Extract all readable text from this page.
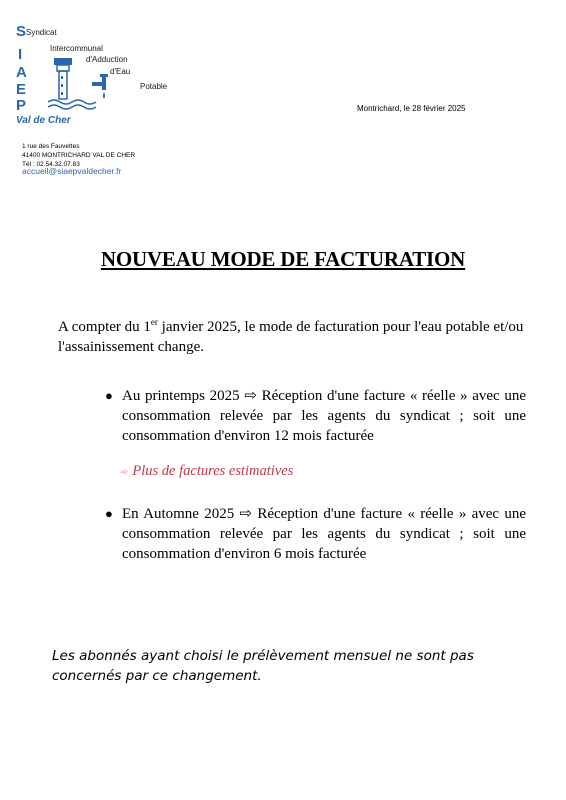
S
I
A
E
P
Syndicat
Intercommunal
d'Adduction
d'Eau
Potable
Val de Cher
1 rue des Fauvettes
41400 MONTRICHARD VAL DE CHER
Tél : 02.54.32.07.83
accueil@siaepvaldecher.fr
Montrichard, le 28 février 2025
NOUVEAU MODE DE FACTURATION
A compter du 1er janvier 2025, le mode de facturation pour l'eau potable et/ou l'assainissement change.
● Au printemps 2025 ⇨ Réception d'une facture « réelle » avec une consommation relevée par les agents du syndicat ; soit une consommation d'environ 12 mois facturée
➾ Plus de factures estimatives
● En Automne 2025 ⇨ Réception d'une facture « réelle » avec une consommation relevée par les agents du syndicat ; soit une consommation d'environ 6 mois facturée
Les abonnés ayant choisi le prélèvement mensuel ne sont pas
concernés par ce changement.
